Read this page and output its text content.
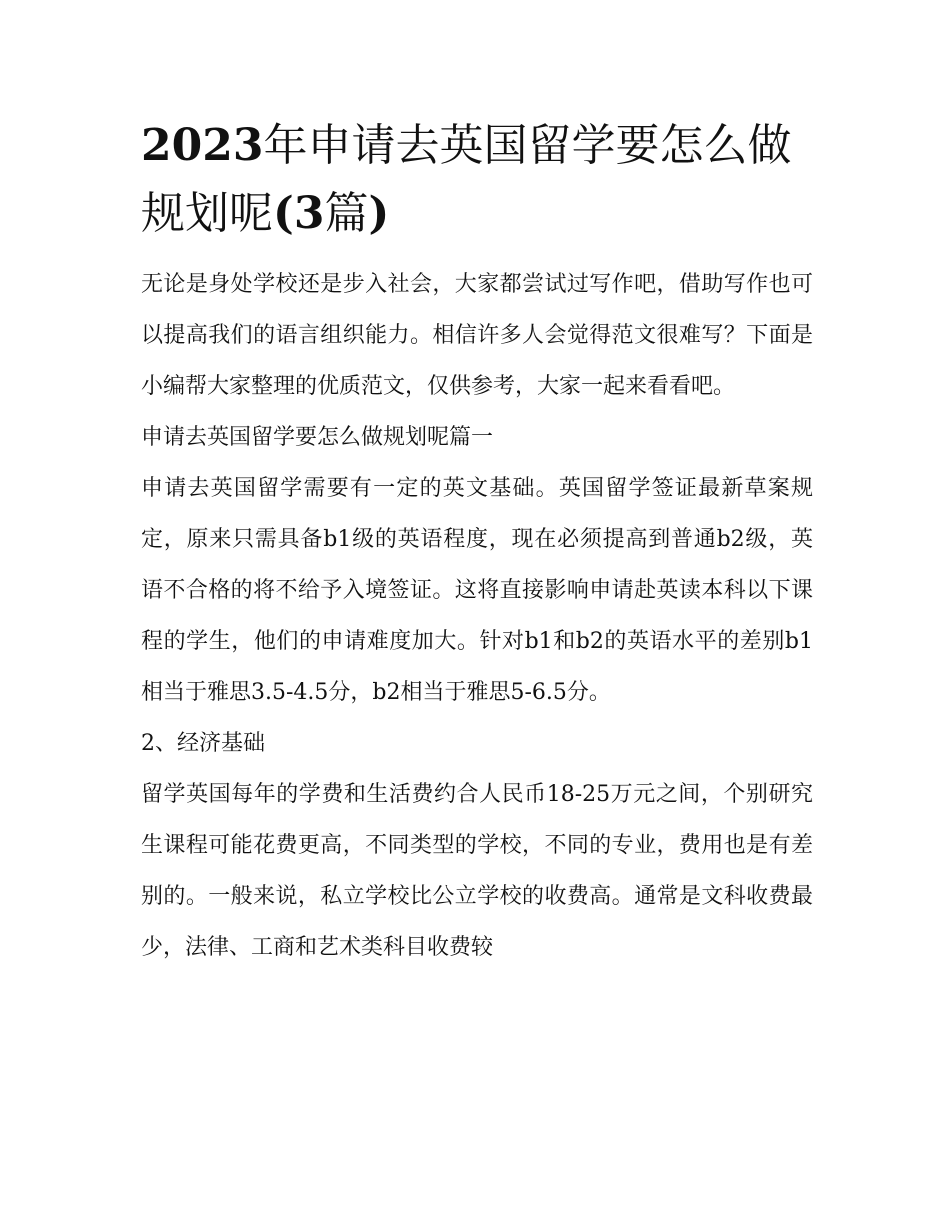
2023年申请去英国留学要怎么做规划呢(3篇)

无论是身处学校还是步入社会，大家都尝试过写作吧，借助写作也可以提高我们的语言组织能力。相信许多人会觉得范文很难写？下面是小编帮大家整理的优质范文，仅供参考，大家一起来看看吧。

申请去英国留学要怎么做规划呢篇一

申请去英国留学需要有一定的英文基础。英国留学签证最新草案规定，原来只需具备b1级的英语程度，现在必须提高到普通b2级，英语不合格的将不给予入境签证。这将直接影响申请赴英读本科以下课程的学生，他们的申请难度加大。针对b1和b2的英语水平的差别b1相当于雅思3.5-4.5分，b2相当于雅思5-6.5分。

2、经济基础

留学英国每年的学费和生活费约合人民币18-25万元之间，个别研究生课程可能花费更高，不同类型的学校，不同的专业，费用也是有差别的。一般来说，私立学校比公立学校的收费高。通常是文科收费最少，法律、工商和艺术类科目收费较
